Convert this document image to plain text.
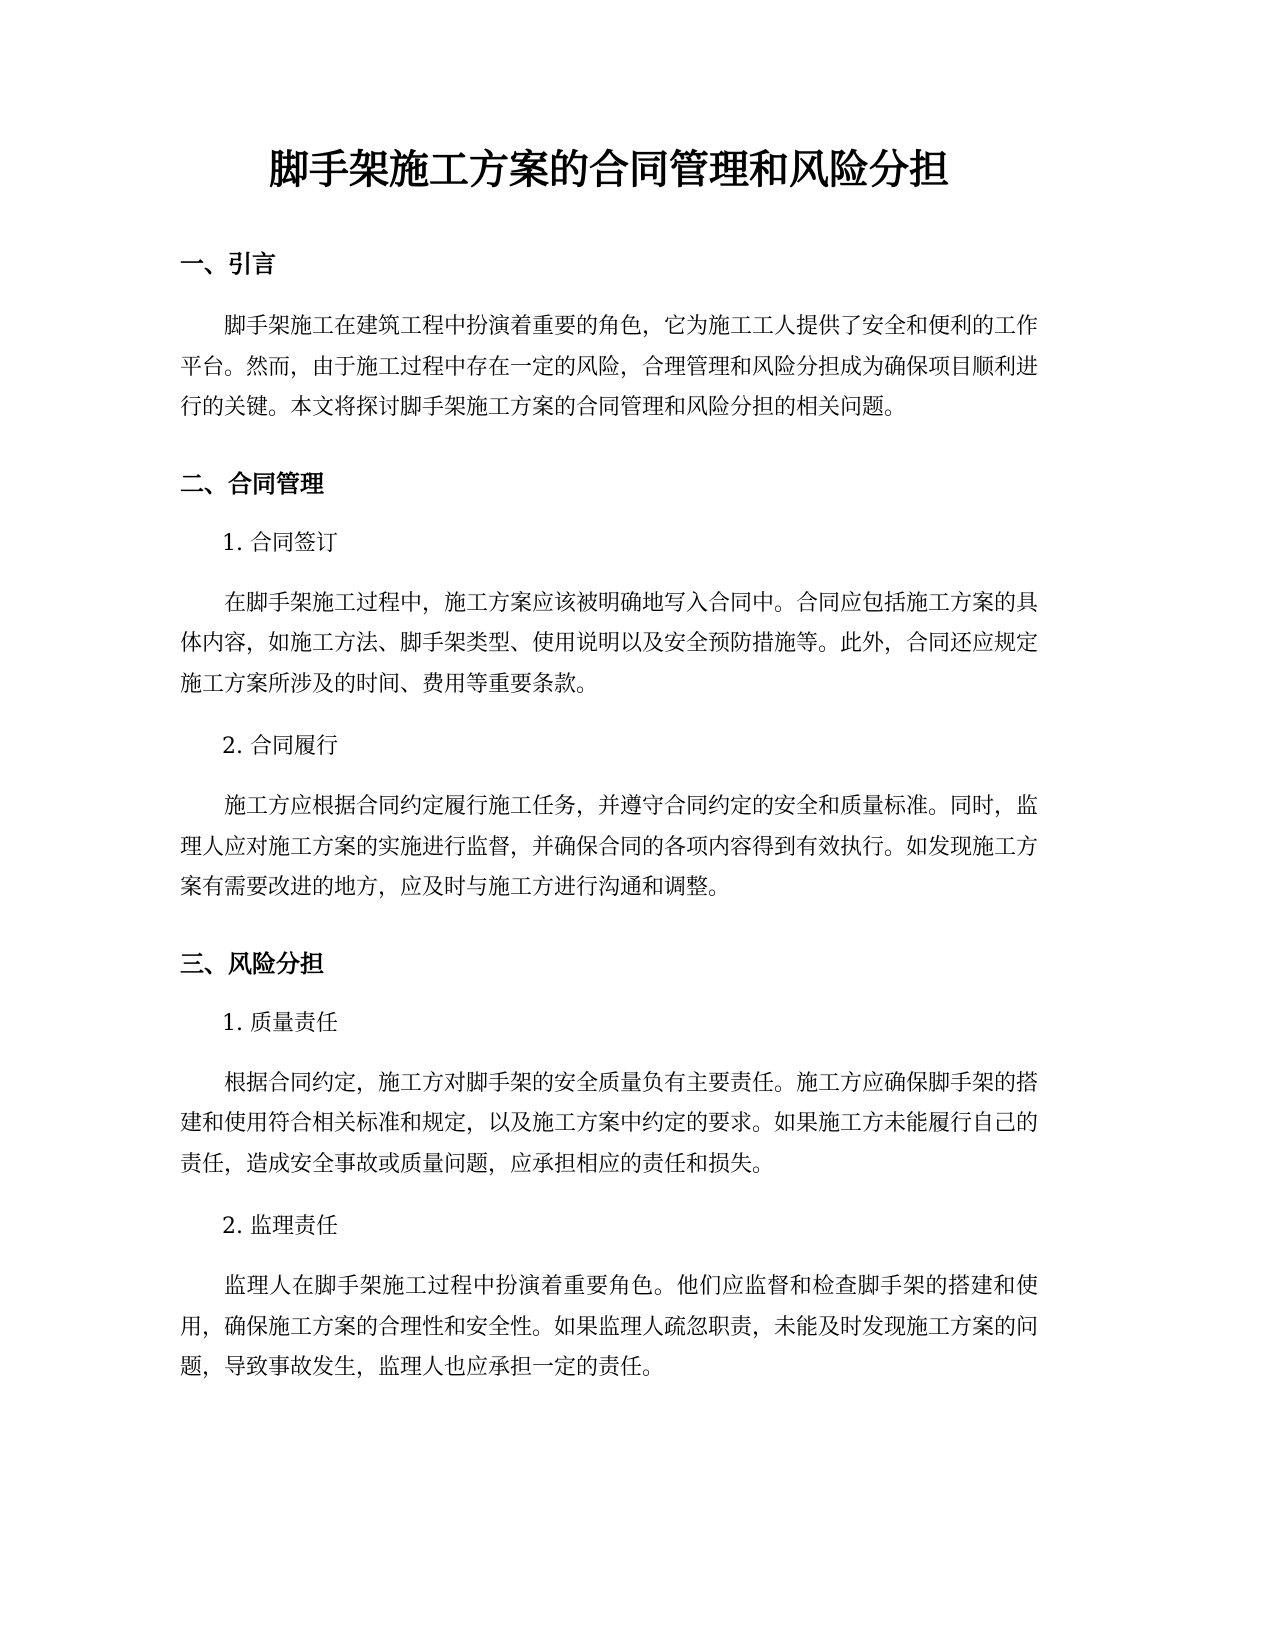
脚手架施工方案的合同管理和风险分担
一、引言

脚手架施工在建筑工程中扮演着重要的角色，它为施工工人提供了安全和便利的工作平台。然而，由于施工过程中存在一定的风险，合理管理和风险分担成为确保项目顺利进行的关键。本文将探讨脚手架施工方案的合同管理和风险分担的相关问题。

二、合同管理
1. 合同签订

在脚手架施工过程中，施工方案应该被明确地写入合同中。合同应包括施工方案的具体内容，如施工方法、脚手架类型、使用说明以及安全预防措施等。此外，合同还应规定施工方案所涉及的时间、费用等重要条款。

2. 合同履行

施工方应根据合同约定履行施工任务，并遵守合同约定的安全和质量标准。同时，监理人应对施工方案的实施进行监督，并确保合同的各项内容得到有效执行。如发现施工方案有需要改进的地方，应及时与施工方进行沟通和调整。

三、风险分担
1. 质量责任

根据合同约定，施工方对脚手架的安全质量负有主要责任。施工方应确保脚手架的搭建和使用符合相关标准和规定，以及施工方案中约定的要求。如果施工方未能履行自己的责任，造成安全事故或质量问题，应承担相应的责任和损失。

2. 监理责任

监理人在脚手架施工过程中扮演着重要角色。他们应监督和检查脚手架的搭建和使用，确保施工方案的合理性和安全性。如果监理人疏忽职责，未能及时发现施工方案的问题，导致事故发生，监理人也应承担一定的责任。
